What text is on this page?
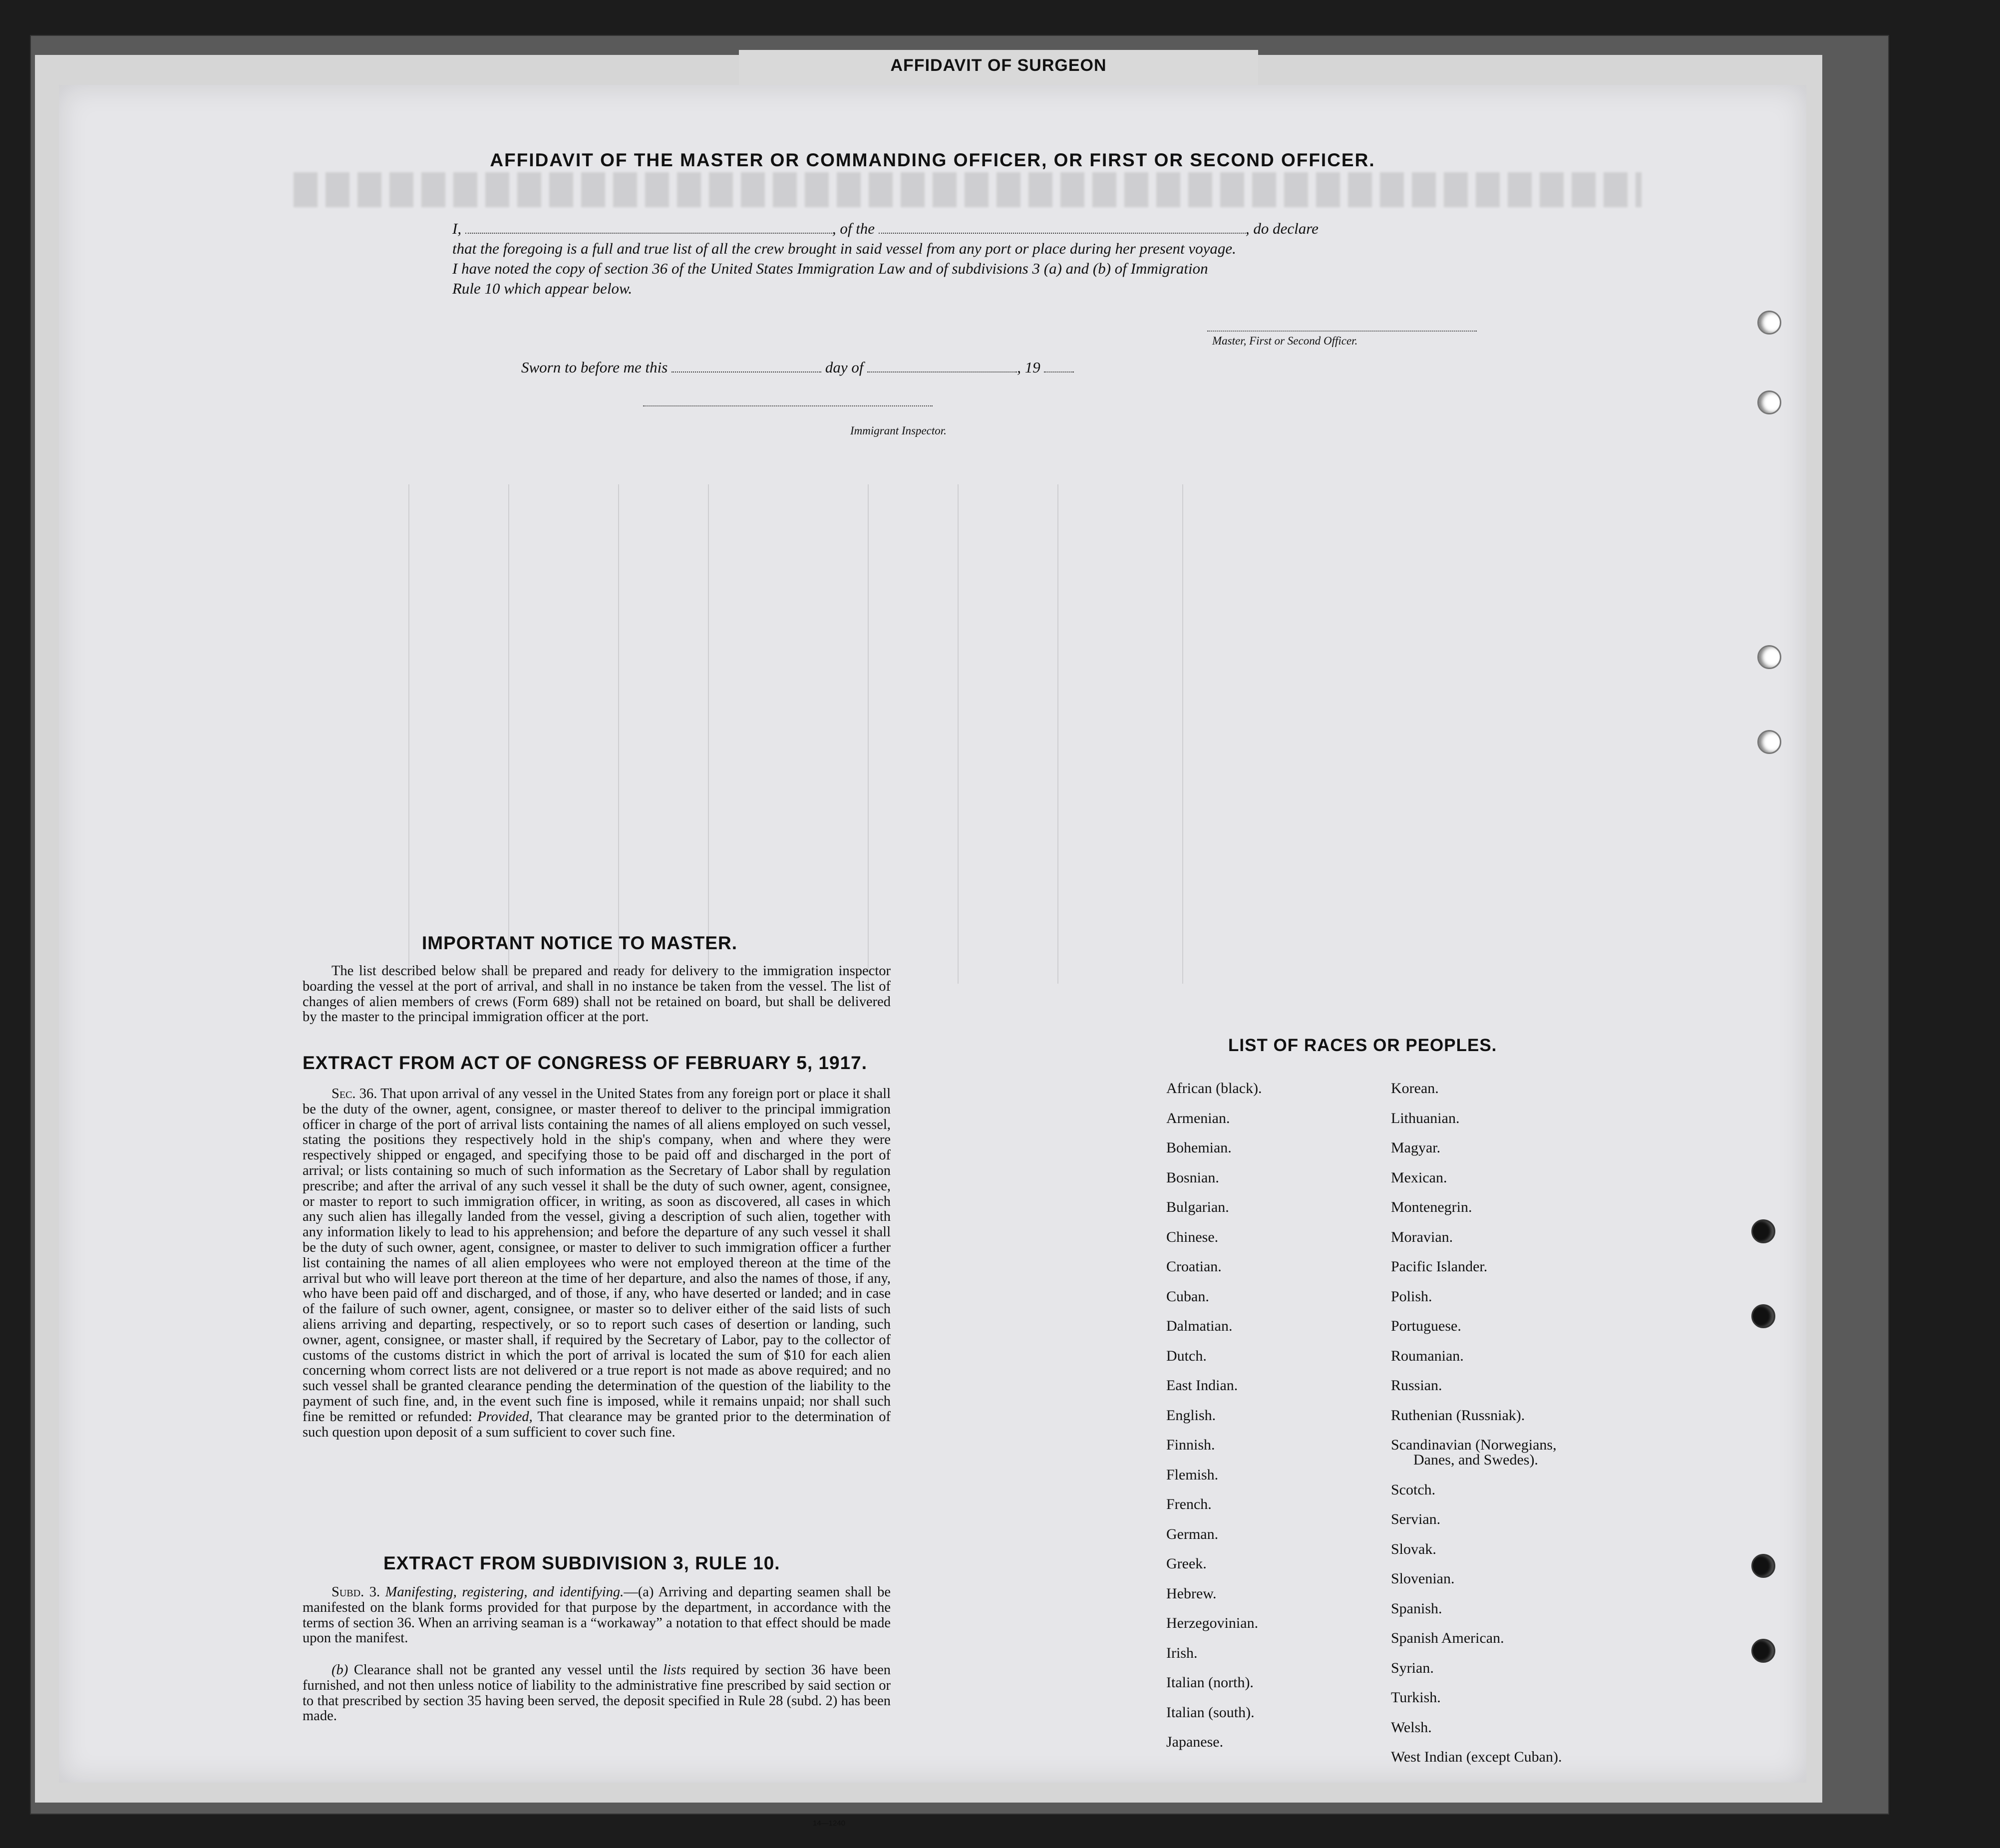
AFFIDAVIT OF SURGEON
AFFIDAVIT OF THE MASTER OR COMMANDING OFFICER, OR FIRST OR SECOND OFFICER.
I,	, of the	, do declare
that the foregoing is a full and true list of all the crew brought in said vessel from any port or place during her present voyage.
I have noted the copy of section 36 of the United States Immigration Law and of subdivisions 3 (a) and (b) of Immigration
Rule 10 which appear below.
Master, First or Second Officer.
Sworn to before me this	day of	, 19
Immigrant Inspector.
IMPORTANT NOTICE TO MASTER.
The list described below shall be prepared and ready for delivery to the immigration inspector boarding the vessel at the port of arrival, and shall in no instance be taken from the vessel. The list of changes of alien members of crews (Form 689) shall not be retained on board, but shall be delivered by the master to the principal immigration officer at the port.
EXTRACT FROM ACT OF CONGRESS OF FEBRUARY 5, 1917.
Sec. 36. That upon arrival of any vessel in the United States from any foreign port or place it shall be the duty of the owner, agent, consignee, or master thereof to deliver to the principal immigration officer in charge of the port of arrival lists containing the names of all aliens employed on such vessel, stating the positions they respectively hold in the ship's company, when and where they were respectively shipped or engaged, and specifying those to be paid off and discharged in the port of arrival; or lists containing so much of such information as the Secretary of Labor shall by regulation prescribe; and after the arrival of any such vessel it shall be the duty of such owner, agent, consignee, or master to report to such immigration officer, in writing, as soon as discovered, all cases in which any such alien has illegally landed from the vessel, giving a description of such alien, together with any information likely to lead to his apprehension; and before the departure of any such vessel it shall be the duty of such owner, agent, consignee, or master to deliver to such immigration officer a further list containing the names of all alien employees who were not employed thereon at the time of the arrival but who will leave port thereon at the time of her departure, and also the names of those, if any, who have been paid off and discharged, and of those, if any, who have deserted or landed; and in case of the failure of such owner, agent, consignee, or master so to deliver either of the said lists of such aliens arriving and departing, respectively, or so to report such cases of desertion or landing, such owner, agent, consignee, or master shall, if required by the Secretary of Labor, pay to the collector of customs of the customs district in which the port of arrival is located the sum of $10 for each alien concerning whom correct lists are not delivered or a true report is not made as above required; and no such vessel shall be granted clearance pending the determination of the question of the liability to the payment of such fine, and, in the event such fine is imposed, while it remains unpaid; nor shall such fine be remitted or refunded: Provided, That clearance may be granted prior to the determination of such question upon deposit of a sum sufficient to cover such fine.
EXTRACT FROM SUBDIVISION 3, RULE 10.
Subd. 3. Manifesting, registering, and identifying.—(a) Arriving and departing seamen shall be manifested on the blank forms provided for that purpose by the department, in accordance with the terms of section 36. When an arriving seaman is a “workaway” a notation to that effect should be made upon the manifest.
(b) Clearance shall not be granted any vessel until the lists required by section 36 have been furnished, and not then unless notice of liability to the administrative fine prescribed by said section or to that prescribed by section 35 having been served, the deposit specified in Rule 28 (subd. 2) has been made.
LIST OF RACES OR PEOPLES.
African (black).
Armenian.
Bohemian.
Bosnian.
Bulgarian.
Chinese.
Croatian.
Cuban.
Dalmatian.
Dutch.
East Indian.
English.
Finnish.
Flemish.
French.
German.
Greek.
Hebrew.
Herzegovinian.
Irish.
Italian (north).
Italian (south).
Japanese.
Korean.
Lithuanian.
Magyar.
Mexican.
Montenegrin.
Moravian.
Pacific Islander.
Polish.
Portuguese.
Roumanian.
Russian.
Ruthenian (Russniak).
Scandinavian (Norwegians,
Danes, and Swedes).
Scotch.
Servian.
Slovak.
Slovenian.
Spanish.
Spanish American.
Syrian.
Turkish.
Welsh.
West Indian (except Cuban).
14—1240
